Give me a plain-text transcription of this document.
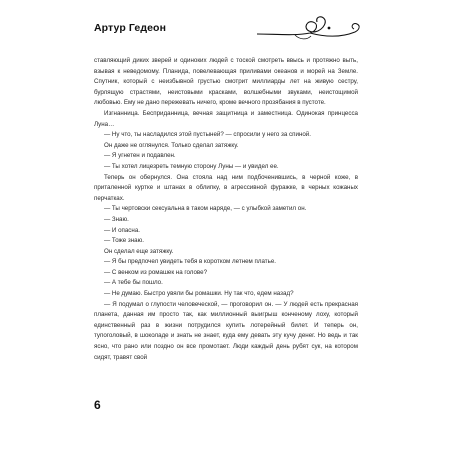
Артур Гедеон

ставляющий диких зверей и одиноких людей с тоской смотреть ввысь и протяжно выть, взывая к неведомому. Планида, повелевающая приливами океанов и морей на Земле. Спутник, который с неизбывной грустью смотрит миллиарды лет на живую сестру, бурлящую страстями, неистовыми красками, волшебными звуками, неистощимой любовью. Ему не дано пережевать ничего, кроме вечного прозябания в пустоте.

Изгнанница. Бесприданница, вечная защитница и заместница. Одинокая принцесса Луна…

— Ну что, ты насладился этой пустыней? — спросили у него за спиной.

Он даже не оглянулся. Только сделал затяжку.

— Я угнетен и подавлен.

— Ты хотел лицезреть темную сторону Луны — и увидел ее.

Теперь он обернулся. Она стояла над ним подбоченившись, в черной коже, в приталенной куртке и штанах в облипку, в агрессивной фуражке, в черных кожаных перчатках.

— Ты чертовски сексуальна в таком наряде, — с улыбкой заметил он.

— Знаю.

— И опасна.

— Тоже знаю.

Он сделал еще затяжку.

— Я бы предпочел увидеть тебя в коротком летнем платье.

— С венком из ромашек на голове?

— А тебе бы пошло.

— Не думаю. Быстро увяли бы ромашки. Ну так что, едем назад?

— Я подумал о глупости человеческой, — проговорил он. — У людей есть прекрасная планета, данная им просто так, как миллионный выигрыш конченому лоху, который единственный раз в жизни потрудился купить лотерейный билет. И теперь он, тупоголовый, в шоколаде и знать не знает, куда ему девать эту кучу денег. Но ведь и так ясно, что рано или поздно он все промотает. Люди каждый день рубят сук, на котором сидят, травят свой

6
